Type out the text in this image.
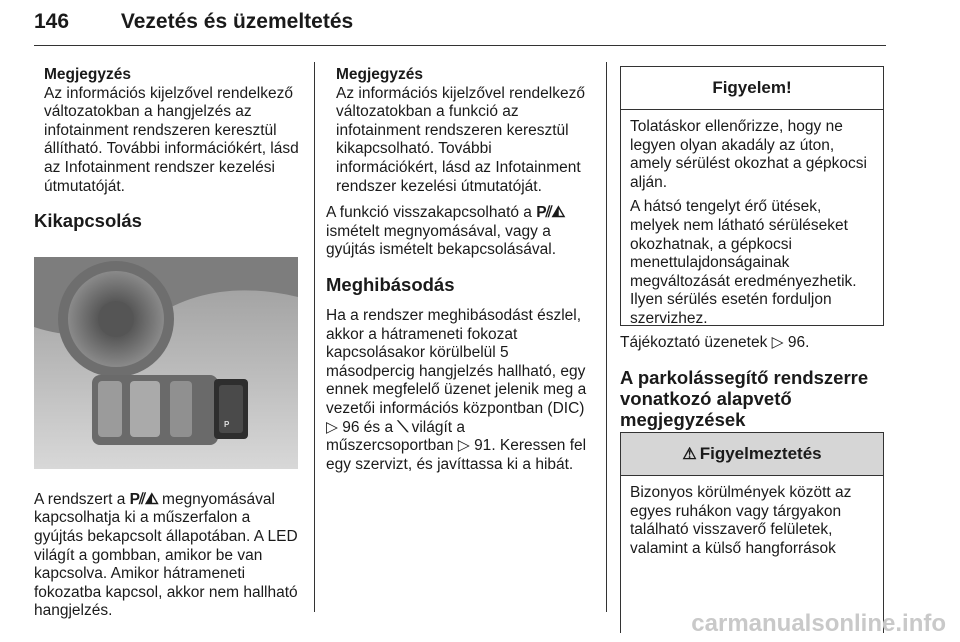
146 Vezetés és üzemeltetés
Megjegyzés

Az információs kijelzővel rendelkező változatokban a hangjelzés az infotainment rendszeren keresztül állítható. További információkért, lásd az Infotainment rendszer kezelési útmutatóját.

Kikapcsolás
P

A rendszert a P⫽◭ megnyomásával kapcsolhatja ki a műszerfalon a gyújtás bekapcsolt állapotában. A LED világít a gombban, amikor be van kapcsolva. Amikor hátrameneti fokozatba kapcsol, akkor nem hallható hangjelzés.

Megjegyzés

Az információs kijelzővel rendelkező változatokban a funkció az infotainment rendszeren keresztül kikapcsolható. További információkért, lásd az Infotainment rendszer kezelési útmutatóját.

A funkció visszakapcsolható a P⫽◭ ismételt megnyomásával, vagy a gyújtás ismételt bekapcsolásával.

Meghibásodás

Ha a rendszer meghibásodást észlel, akkor a hátrameneti fokozat kapcsolásakor körülbelül 5 másodpercig hangjelzés hallható, egy ennek megfelelő üzenet jelenik meg a vezetői információs központban (DIC) ▷ 96 és a ⟍ világít a műszercsoportban ▷ 91. Keressen fel egy szervizt, és javíttassa ki a hibát.

Figyelem!

Tolatáskor ellenőrizze, hogy ne legyen olyan akadály az úton, amely sérülést okozhat a gépkocsi alján.

A hátsó tengelyt érő ütések, melyek nem látható sérüléseket okozhatnak, a gépkocsi menettulajdonságainak megváltozását eredményezhetik. Ilyen sérülés esetén forduljon szervizhez.

Tájékoztató üzenetek ▷ 96.

A parkolássegítő rendszerre vonatkozó alapvető megjegyzések
⚠ Figyelmeztetés

Bizonyos körülmények között az egyes ruhákon vagy tárgyakon található visszaverő felületek, valamint a külső hangforrások

carmanualsonline.info
